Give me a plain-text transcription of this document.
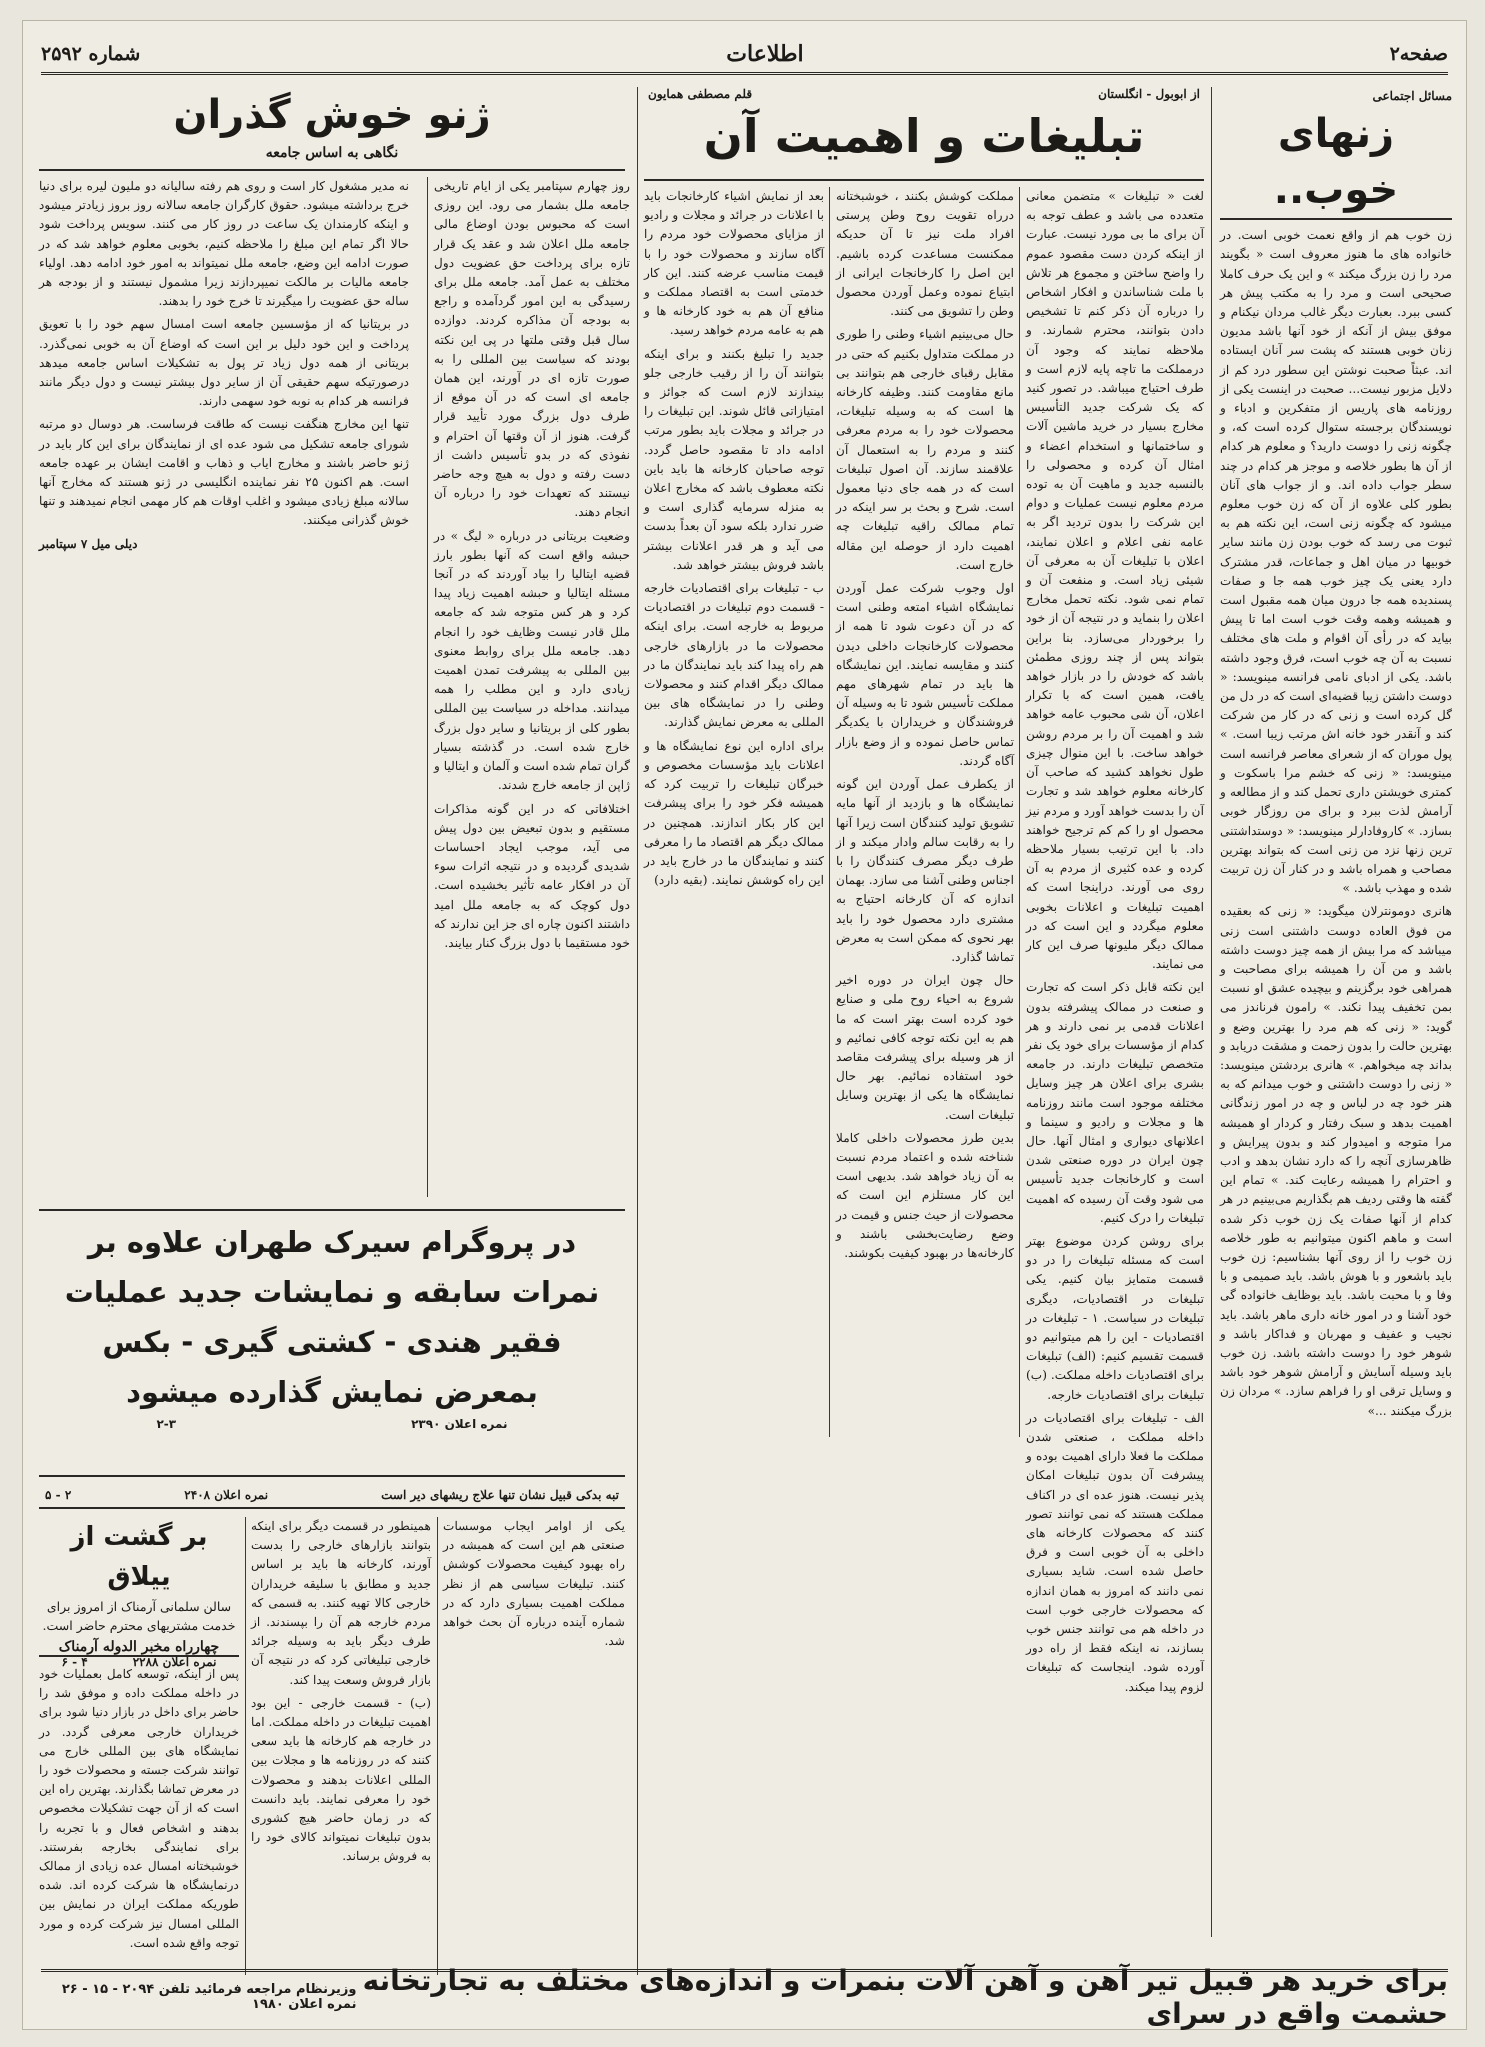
صفحه۲
اطلاعات
شماره ۲۵۹۲
مسائل اجتماعی
زنهای خوب..
زن خوب هم از واقع نعمت خوبی است. در خانواده های ما هنوز معروف است « بگویند مرد را زن بزرگ میکند » و این یک حرف کاملا صحیحی است و مرد را به مکتب پیش هر کسی ببرد. بعبارت دیگر غالب مردان نیکنام و موفق بیش از آنکه از خود آنها باشد مدیون زنان خوبی هستند که پشت سر آنان ایستاده اند. عبثاً صحبت نوشتن این سطور درد کم از دلایل مزبور نیست... صحبت در اینست یکی از روزنامه های پاریس از متفکرین و ادباء و نویسندگان برجسته ستوال کرده است که، و چگونه زنی را دوست دارید؟ و معلوم هر کدام از آن ها بطور خلاصه و موجز هر کدام در چند سطر جواب داده اند. و از جواب های آنان بطور کلی علاوه از آن که زن خوب معلوم میشود که چگونه زنی است، این نکته هم به ثبوت می رسد که خوب بودن زن مانند سایر خوبیها در میان اهل و جماعات، قدر مشترک دارد یعنی یک چیز خوب همه جا و صفات پسندیده همه جا درون میان همه مقبول است و همیشه وهمه وقت خوب است اما تا پیش بیاید که در رأی آن اقوام و ملت های مختلف نسبت به آن چه خوب است، فرق وجود داشته باشد. یکی از ادبای نامی فرانسه مینویسد: « دوست داشتن زیبا قضیه‌ای است که در دل من گل کرده است و زنی که در کار من شرکت کند و آنقدر خود خانه اش مرتب زیبا است. » پول موران که از شعرای معاصر فرانسه است مینویسد: « زنی که خشم مرا باسکوت و کمتری خویشتن داری تحمل کند و از مطالعه و آرامش لذت ببرد و برای من روزگار خوبی بسازد. » کاروفادارلر مینویسد: « دوستداشتنی ترین زنها نزد من زنی است که بتواند بهترین مصاحب و همراه باشد و در کنار آن زن تربیت شده و مهذب باشد. »
هانری دومونترلان میگوید: « زنی که بعقیده من فوق العاده دوست داشتنی است زنی میباشد که مرا بیش از همه چیز دوست داشته باشد و من آن را همیشه برای مصاحبت و همراهی خود برگزینم و بیچیده عشق او نسبت بمن تخفیف پیدا نکند. » رامون فرناندز می گوید: « زنی که هم مرد را بهترین وضع و بهترین حالت را بدون زحمت و مشقت دریابد و بداند چه میخواهم. » هانری بردشتن مینویسد: « زنی را دوست داشتنی و خوب میدانم که به هنر خود چه در لباس و چه در امور زندگانی اهمیت بدهد و سبک رفتار و کردار او همیشه مرا متوجه و امیدوار کند و بدون پیرایش و ظاهرسازی آنچه را که دارد نشان بدهد و ادب و احترام را همیشه رعایت کند. » تمام این گفته ها وقتی ردیف هم بگذاریم می‌بینیم در هر کدام از آنها صفات یک زن خوب ذکر شده است و ماهم اکنون میتوانیم به طور خلاصه زن خوب را از روی آنها بشناسیم: زن خوب باید باشعور و با هوش باشد. باید صمیمی و با وفا و با محبت باشد. باید بوظایف خانواده گی خود آشنا و در امور خانه داری ماهر باشد. باید نجیب و عفیف و مهربان و فداکار باشد و شوهر خود را دوست داشته باشد. زن خوب باید وسیله آسایش و آرامش شوهر خود باشد و وسایل ترقی او را فراهم سازد. » مردان زن بزرگ میکنند ...»
از ابوبول - انگلستان
قلم مصطفی همایون
تبلیغات و اهمیت آن
لغت « تبلیغات » متضمن معانی متعدده می باشد و عطف توجه به آن برای ما بی مورد نیست. عبارت از اینکه کردن دست مقصود عموم را واضح ساختن و مجموع هر تلاش با ملت شناساندن و افکار اشخاص را درباره آن ذکر کنم تا تشخیص دادن بتوانند، محترم شمارند. و ملاحظه نمایند که وجود آن درمملکت ما تاچه پایه لازم است و طرف احتیاج میباشد. در تصور کنید که یک شرکت جدید التأسیس مخارج بسیار در خرید ماشین آلات و ساختمانها و استخدام اعضاء و امثال آن کرده و محصولی را بالنسبه جدید و ماهیت آن به توده مردم معلوم نیست عملیات و دوام این شرکت را بدون تردید اگر به ‌عامه نفی اعلام و اعلان نمایند، اعلان با تبلیغات آن به معرفی آن شیئی زیاد است. و منفعت آن و تمام نمی شود. نکته تحمل مخارج اعلان را بنماید و در نتیجه آن از خود را برخوردار می‌سازد. بنا براین بتواند پس از چند روزی مطمئن باشد که خودش را در بازار خواهد یافت، همین است که با تکرار اعلان، آن شی محبوب عامه خواهد شد و اهمیت آن را بر مردم روشن خواهد ساخت. با این منوال چیزی طول نخواهد کشید که صاحب آن کارخانه معلوم خواهد شد و تجارت آن را بدست خواهد آورد و مردم نیز محصول او را کم کم ترجیح خواهند داد. با این ترتیب بسیار ملاحظه کرده و عده کثیری از مردم به آن روی می آورند. دراینجا است که اهمیت تبلیغات و اعلانات بخوبی معلوم میگردد و این است که در ممالک دیگر ملیونها صرف این کار می نمایند.
این نکته قابل ذکر است که تجارت و صنعت در ممالک پیشرفته بدون اعلانات قدمی بر نمی دارند و هر کدام از مؤسسات برای خود یک نفر متخصص تبلیغات دارند. در جامعه بشری برای اعلان هر چیز وسایل مختلفه موجود است مانند روزنامه ها و مجلات و رادیو و سینما و اعلانهای دیواری و امثال آنها. حال چون ایران در دوره صنعتی شدن است و کارخانجات جدید تأسیس می شود وقت آن رسیده که اهمیت تبلیغات را درک کنیم.
برای روشن کردن موضوع بهتر است که مسئله تبلیغات را در دو قسمت متمایز بیان کنیم. یکی تبلیغات در اقتصادیات، دیگری تبلیغات در سیاست. ۱ - تبلیغات در اقتصادیات - این را هم میتوانیم دو قسمت تقسیم کنیم: (الف) تبلیغات برای اقتصادیات داخله مملکت. (ب) تبلیغات برای اقتصادیات خارجه.
الف - تبلیغات برای اقتصادیات در داخله مملکت ، صنعتی شدن مملکت ما فعلا دارای اهمیت بوده و پیشرفت آن بدون تبلیغات امکان پذیر نیست. هنوز عده ای در اکناف مملکت هستند که نمی توانند تصور کنند که محصولات کارخانه های داخلی به آن خوبی است و فرق حاصل شده است. شاید بسیاری نمی دانند که امروز به همان اندازه که محصولات خارجی خوب است در داخله هم می توانند جنس خوب بسازند، نه اینکه فقط از راه دور آورده شود. اینجاست که تبلیغات لزوم پیدا میکند.
مملکت کوشش بکنند ، خوشبختانه درراه تقویت روح وطن پرستی افراد ملت نیز تا آن حدیکه ممکنست مساعدت کرده باشیم. این اصل را کارخانجات ایرانی از ابتیاع نموده وعمل آوردن محصول وطن را تشویق می کنند.
حال می‌بینیم اشیاء وطنی را طوری در مملکت متداول بکنیم که حتی در مقابل رقبای خارجی هم بتوانند بی مانع مقاومت کنند. وظیفه کارخانه ها است که به وسیله تبلیغات، محصولات خود را به مردم معرفی کنند و مردم را به استعمال آن علاقمند سازند. آن اصول تبلیغات است که در همه جای دنیا معمول است. شرح و بحث بر سر اینکه در تمام ممالک راقیه تبلیغات چه اهمیت دارد از حوصله این مقاله خارج است.
اول وجوب شرکت عمل آوردن نمایشگاه اشیاء امتعه وطنی است که در آن دعوت شود تا همه از محصولات کارخانجات داخلی دیدن کنند و مقایسه نمایند. این نمایشگاه ها باید در تمام شهرهای مهم مملکت تأسیس شود تا به وسیله آن فروشندگان و خریداران با یکدیگر تماس حاصل نموده و از وضع بازار آگاه گردند.
از یکطرف عمل آوردن این گونه نمایشگاه ها و بازدید از آنها مایه تشویق تولید کنندگان است زیرا آنها را به رقابت سالم وادار میکند و از طرف دیگر مصرف کنندگان را با اجناس وطنی آشنا می سازد. بهمان اندازه که آن کارخانه احتیاج به مشتری دارد محصول خود را باید بهر نحوی که ممکن است به معرض تماشا گذارد.
حال چون ایران در دوره اخیر شروع به احیاء روح ملی و صنایع خود کرده است بهتر است که ما هم به این نکته توجه کافی نمائیم و از هر وسیله برای پیشرفت مقاصد خود استفاده نمائیم. بهر حال نمایشگاه ها یکی از بهترین وسایل تبلیغات است.
بدین طرز محصولات داخلی کاملا شناخته شده و اعتماد مردم نسبت به آن زیاد خواهد شد. بدیهی است این کار مستلزم این است که محصولات از حیث جنس و قیمت در وضع رضایت‌بخشی باشند و کارخانه‌ها در بهبود کیفیت بکوشند.
بعد از نمایش اشیاء کارخانجات باید با اعلانات در جرائد و مجلات و رادیو از مزایای محصولات خود مردم را آگاه سازند و محصولات خود را با قیمت مناسب عرضه کنند. این کار خدمتی است به اقتصاد مملکت و منافع آن هم به خود کارخانه ها و هم به عامه مردم خواهد رسید.
جدید را تبلیغ بکنند و برای اینکه بتوانند آن را از رقیب خارجی جلو بیندازند لازم است که جوائز و امتیازاتی قائل شوند. این تبلیغات را در جرائد و مجلات باید بطور مرتب ادامه داد تا مقصود حاصل گردد. توجه صاحبان کارخانه ها باید باین نکته معطوف باشد که مخارج اعلان به منزله سرمایه گذاری است و ضرر ندارد بلکه سود آن بعداً بدست می آید و هر قدر اعلانات بیشتر باشد فروش بیشتر خواهد شد.
ب - تبلیغات برای اقتصادیات خارجه - قسمت دوم تبلیغات در اقتصادیات مربوط به خارجه است. برای اینکه محصولات ما در بازارهای خارجی هم راه پیدا کند باید نمایندگان ما در ممالک دیگر اقدام کنند و محصولات وطنی را در نمایشگاه های بین المللی به معرض نمایش گذارند.
برای اداره این نوع نمایشگاه ها و اعلانات باید مؤسسات مخصوص و خبرگان تبلیغات را تربیت کرد که همیشه فکر خود را برای پیشرفت این کار بکار اندازند. همچنین در ممالک دیگر هم اقتصاد ما را معرفی کنند و نمایندگان ما در خارج باید در این راه کوشش نمایند. (بقیه دارد)
ژنو خوش گذران
نگاهی به اساس جامعه
روز چهارم سپتامبر یکی از ایام تاریخی جامعه ملل بشمار می رود. این روزی است که محبوس بودن اوضاع مالی جامعه ملل اعلان شد و عقد یک قرار تازه برای پرداخت حق عضویت دول مختلف به عمل آمد. جامعه ملل برای رسیدگی به این امور گردآمده و راجع به بودجه آن مذاکره کردند. دوازده سال قبل وقتی ملتها در پی این نکته بودند که سیاست بین المللی را به صورت تازه ای در آورند، این همان جامعه ای است که در آن موقع از طرف دول بزرگ مورد تأیید قرار گرفت. هنوز از آن وقتها آن احترام و نفوذی که در بدو تأسیس داشت از دست رفته و دول به هیچ وجه حاضر نیستند که تعهدات خود را درباره آن انجام دهند.
وضعیت بریتانی در درباره « لیگ » در حبشه واقع است که آنها بطور بارز قضیه ایتالیا را بیاد آوردند که در آنجا مسئله ایتالیا و حبشه اهمیت زیاد پیدا کرد و هر کس متوجه شد که جامعه ملل قادر نیست وظایف خود را انجام دهد. جامعه ملل برای روابط معنوی بین المللی به پیشرفت تمدن اهمیت زیادی دارد و این مطلب را همه میدانند. مداخله در سیاست بین المللی بطور کلی از بریتانیا و سایر دول بزرگ خارج شده است. در گذشته بسیار گران تمام شده است و آلمان و ایتالیا و ژاپن از جامعه خارج شدند.
اختلافاتی که در این گونه مذاکرات مستقیم و بدون تبعیض بین دول پیش می آید، موجب ایجاد احساسات شدیدی گردیده و در نتیجه اثرات سوء آن در افکار عامه تأثیر بخشیده است. دول کوچک که به جامعه ملل امید داشتند اکنون چاره ای جز این ندارند که خود مستقیما با دول بزرگ کنار بیایند.
نه مدیر مشغول کار است و روی هم رفته سالیانه دو ملیون لیره برای دنیا خرج برداشته میشود. حقوق کارگران جامعه سالانه روز بروز زیادتر میشود و اینکه کارمندان یک ساعت در روز کار می کنند. سویس پرداخت شود حالا اگر تمام این مبلغ را ملاحظه کنیم، بخوبی معلوم خواهد شد که در صورت ادامه این وضع، جامعه ملل نمیتواند به امور خود ادامه دهد. اولیاء جامعه مالیات بر مالکت نمیپردازند زیرا مشمول نیستند و از بودجه هر ساله حق عضویت را میگیرند تا خرج خود را بدهند.
در بریتانیا که از مؤسسین جامعه است امسال سهم خود را با تعویق پرداخت و این خود دلیل بر این است که اوضاع آن به خوبی نمی‌گذرد. بریتانی از همه دول زیاد تر پول به تشکیلات اساس جامعه میدهد درصورتیکه سهم حقیقی آن از سایر دول بیشتر نیست و دول دیگر مانند فرانسه هر کدام به نوبه خود سهمی دارند.
تنها این مخارج هنگفت نیست که طاقت فرساست. هر دوسال دو مرتبه شورای جامعه تشکیل می شود عده ای از نمایندگان برای این کار باید در ژنو حاضر باشند و مخارج ایاب و ذهاب و اقامت ایشان بر عهده جامعه است. هم اکنون ۲۵ نفر نماینده انگلیسی در ژنو هستند که مخارج آنها سالانه مبلغ زیادی میشود و اغلب اوقات هم کار مهمی انجام نمیدهند و تنها خوش گذرانی میکنند.
دیلی میل ۷ سپتامبر
در پروگرام سیرک طهران علاوه بر
نمرات سابقه و نمایشات جدید عملیات
فقیر هندی - کشتی گیری - بکس
بمعرض نمایش گذارده میشود
نمره اعلان ۲۳۹۰
۲-۳
تبه بدکی قبیل نشان تنها علاج ریشهای دیر است
نمره اعلان ۲۴۰۸
۲ - ۵
بر گشت از ییلاق
سالن سلمانی آرمناک از امروز برای خدمت مشتریهای محترم حاضر است.
چهارراه مخبر الدوله آرمناک
نمره اعلان ۲۲۸۸
۴ - ۶
پس از اینکه، توسعه کامل بعملیات خود در داخله مملکت داده و موفق شد را حاضر برای داخل در بازار دنیا شود برای خریداران خارجی معرفی گردد. در نمایشگاه های بین المللی خارج می توانند شرکت جسته و محصولات خود را در معرض تماشا بگذارند. بهترین راه این است که از آن جهت تشکیلات مخصوص بدهند و اشخاص فعال و با تجربه را برای نمایندگی بخارجه بفرستند. خوشبختانه امسال عده زیادی از ممالک درنمایشگاه ها شرکت کرده اند. شده طوریکه مملکت ایران در نمایش بین المللی امسال نیز شرکت کرده و مورد توجه واقع شده است.
همینطور در قسمت دیگر برای اینکه بتوانند بازارهای خارجی را بدست آورند، کارخانه ها باید بر اساس جدید و مطابق با سلیقه خریداران خارجی کالا تهیه کنند. به قسمی که مردم خارجه هم آن را بپسندند. از طرف دیگر باید به وسیله جرائد خارجی تبلیغاتی کرد که در نتیجه آن بازار فروش وسعت پیدا کند.
(ب) - قسمت خارجی - این بود اهمیت تبلیغات در داخله مملکت. اما در خارجه هم کارخانه ها باید سعی کنند که در روزنامه ها و مجلات بین المللی اعلانات بدهند و محصولات خود را معرفی نمایند. باید دانست که در زمان حاضر هیچ کشوری بدون تبلیغات نمیتواند کالای خود را به فروش برساند.
یکی از اوامر ایجاب موسسات صنعتی هم این است که همیشه در راه بهبود کیفیت محصولات کوشش کنند. تبلیغات سیاسی هم از نظر مملکت اهمیت بسیاری دارد که در شماره آینده درباره آن بحث خواهد شد.
برای خرید هر قبیل تیر آهن و آهن آلات بنمرات و اندازه‌های مختلف به تجارتخانه حشمت واقع در سرای
وزیرنظام مراجعه فرمائید تلفن ۲۰۹۴ - ۱۵ - ۲۶ نمره اعلان ۱۹۸۰
